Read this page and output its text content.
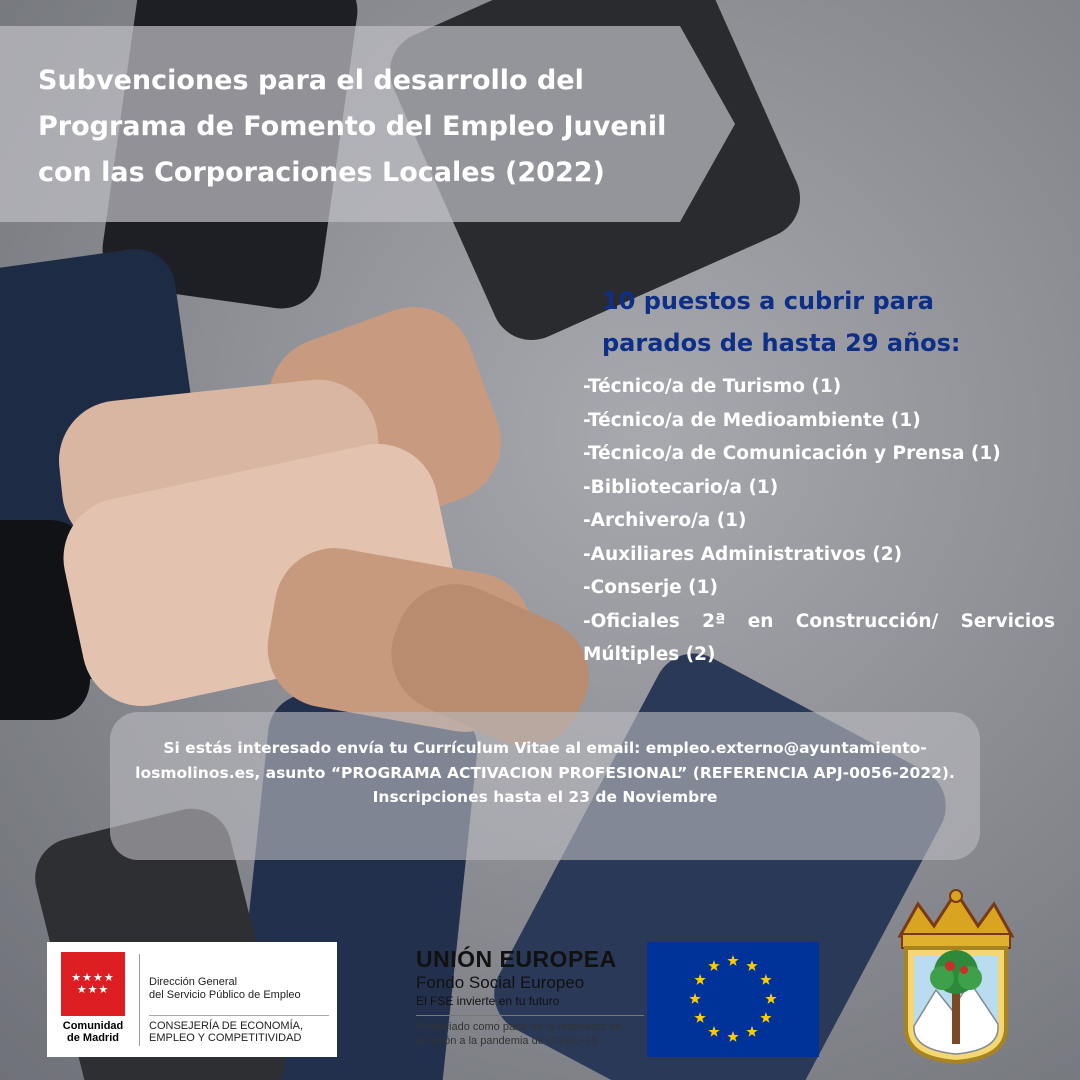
Subvenciones para el desarrollo del Programa de Fomento del Empleo Juvenil con las Corporaciones Locales (2022)
10 puestos a cubrir para
parados de hasta 29 años:
-Técnico/a de Turismo (1)
-Técnico/a de Medioambiente (1)
-Técnico/a de Comunicación y Prensa (1)
-Bibliotecario/a (1)
-Archivero/a (1)
-Auxiliares Administrativos (2)
-Conserje (1)
-Oficiales 2ª en Construcción/ Servicios Múltiples (2)

Si estás interesado envía tu Currículum Vitae al email: empleo.externo@ayuntamiento-losmolinos.es, asunto “PROGRAMA ACTIVACION PROFESIONAL” (REFERENCIA APJ-0056-2022).
Inscripciones hasta el 23 de Noviembre

★★★★
★★★
Comunidad
de Madrid
Dirección General
del Servicio Público de Empleo
CONSEJERÍA DE ECONOMÍA,
EMPLEO Y COMPETITIVIDAD
UNIÓN EUROPEA
Fondo Social Europeo
El FSE invierte en tu futuro
Financiado como parte de la respuesta de
la Unión a la pandemia de COVID-19
